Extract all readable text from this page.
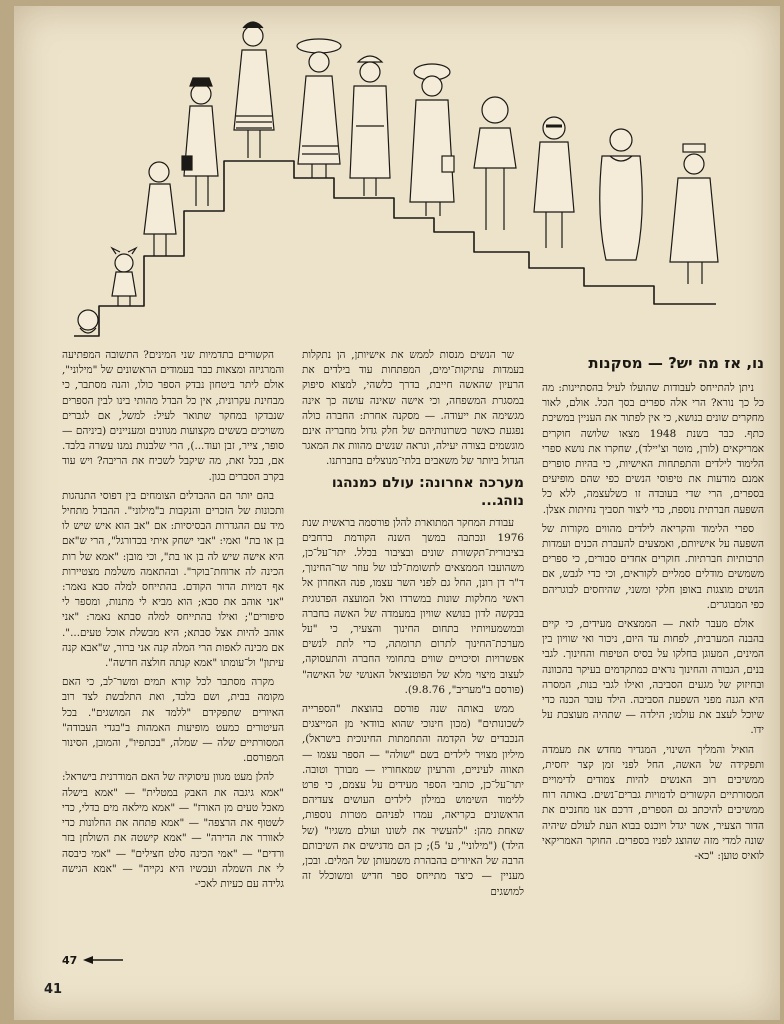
נו, אז מה יש? — מסקנות

ניתן להתייחס לעבודות שהועלו לעיל בהסתייגות: מה כל כך נורא? הרי אלה ספרים בסך הכל. אולם, לאור מחקרים שונים בנושא, כי אין לפתור את העניין במשיכת כתף. כבר בשנת 1948 מצאו שלושה חוקרים אמריקאים (לורן, מוטר וצ'יילד), שחקרו את נושא ספרי הלימוד לילדים והתפתחות האישיות, כי בהיות סופרים אמנם מודעות את טיפוסי הנשים כפי שהם מופיעים בספרים, הרי שדי בעובדה זו כשלעצמה, ללא כל השפעה חברתית נוספת, כדי ליצור תסביך נחיתות אצלן.

ספרי הלימוד והקריאה לילדים מהווים מקורות של השפעה על אישיותם, ואמצעים להעברת הכנים ועמדות תרבותיות חברתיות. חוקרים אחדים סבורים, כי ספרים משמשים מודלים סמליים לקוראים, וכי כדי לגבש, אם הנשים מוצגות באופן חלקי ומשני, שהיחסים לבוגריהם כפי המבוגרים.

אולם מעבר לזאת — הממצאים מעידים, כי קיים בהבנה המערבית, לפחות עד היום, ניכור ואי שוויון בין המינים, המעוגן בחלקו על בסיס הטיפוח והחינוך. לגבי בנים, הגבורה והחינוך נראים כמתקדמים בעיקר בהכוונה ובחיזוק של מגעים הסביבה, ואילו לגבי בנות, המסרה היא הגנה מפני השפעת הסביבה. הילד עובר הכנה כדי שיוכל לעצב את עולמו; הילדה — שתהיה מעוצבת על ידו.

הואיל והמליך השינוי, המגדיר מחדש את מעמדה ותפקידה של האשה, החל לפני זמן קצר יחסית, ממשיכים רוב האנשים להיות צמודים לדימויים המסורתיים הקשורים לדמויות גברים־נשים. באותה רוח ממשיכים להיכתב גם הספרים, דרכם אנו מחנכים את הדור הצעיר, אשר יגדל ויוכנס בבוא העת לעולם שיהיה שונה למדי מזה שהוצג לפניו בספרים. החוקר האמריקאי לואיס טוען: "כא-

שר הנשים מנסות לממש את אישיותן, הן נתקלות בעמדות עתיקות־ימים, המפתחות עוד בילדים את הרעיון שהאשה חייבת, בדרך כלשהי, למצוא סיפוק במסגרת המשפחה, וכי אישה שאינה עושה כך אינה מגשימה את ייעודה. — מסקנה אחרת: החברה כולה נפגעת כאשר כשרונותיהם של חלק גדול מחבריה אינם מוגשמים בצורה יעילה, ונראה שנשים מהוות את המאגר הגדול ביותר של משאבים בלתי־מנוצלים בחברתנו.

מערכה אחרונה: עולם כמנהגו נוהג...

עבודת המחקר המתוארת להלן פורסמה בראשית שנת 1976 ונכתבה במשך השנה הקודמת ברחבים בציבורית־תקשורת שונים ובציבור בכלל. יתר־על־כן, משהועבו הממצאים לתשומת־לבו של עוזר שר־החינוך, ד"ר דן רונן, החל גם לפני השר עצמו, פנה האחרון אל ראשי מחלקות שונות במשרדו ואל המועצה הפדגוגית בבקשה לדון בנושא שוויון במעמדה של האשה בחברה ובמשמעויותיו בתחום החינוך והצעיר, כי "על מערכת־החינוך לתרום תרומתה, כדי לתת לנשים אפשרויות וסיכויים שווים בתחומי החברה והתעסוקה, לעצוב מיצוי מלא של הפוטנציאל האנושי של האישה" (פורסם ב"מעריב", 9.8.76).

ממש באותה שנה פורסם בהוצאת "הספרייה לשכונותים" (מכון חינוכי שהוא בוודאי מן המייצגים הנכבדים של הקדמה והתחמתות החינוכית בישראל), מיליון מצויר לילדים בשם "שולה" — הספר עצמו — תאווה לעיניים, והרעיון שמאחוריו — מבורך וטובה. יתר־על־כן, כותבי הספר מעידים על עצמם, כי פרט ללימוד השימוש במילון לילדים העושים צעדיהם הראשונים בקריאה, עמדו לפניהם מטרות נוספות, שאחת מהן: "להעשיר את לשונו ועולם משגיו" (של הילד) ("מילוני", ע' 5); כן הם מדגישים את השיבותם הרבה של האיורים בהבהרת משמעותן של המלים. ובכן, מעניין — כיצד מתייחס ספר חדיש ומשוכלל זה למושגים

הקשורים בתדמיות שני המינים? התשובה המפתיעה והמרגיזה ומצאות כבר בעמודים הראשונים של "מילוני", אולם ליתר ביטחון נבדק הספר כולו, והנה מסתבר, כי מבחינת עקרונית, אין כל הבדל מהותי בינו לבין הספרים שנבדקו במחקר שתואר לעיל: למשל, אם לגברים משויכים בששים מקצועות מגוונים ומעניינים (ביניהם — סופר, צייר, זבן ועוד...), הרי שלבנות נמנו עשרה בלבד. אם, בכל זאת, מה שיקבל לשכיח את הריבה? ויש עוד בקרב הסברים בגון.

בהם יותר הם ההבדלים הצומחים בין דפוסי התנהגות ותכונות של הזכרים והנקבות ב"מילוני". ההבדל מתחיל מיד עם ההגדרות הבסיסיות: אם "אב הוא איש שיש לו בן או בת" ואמי: "אבי ישחק איתי בכדורגל", הרי ש"אם היא אישה שיש לה בן או בת", וכי מובן: "אמא של רות הכינה לה ארוחת־בוקר". ובהתאמה משלמת מצטיירות אף דמויות הדור הקודם. בהתייחס למלה סבא נאמר: "אני אוהב את סבא; הוא מביא לי מתנות, ומספר לי סיפורים"; ואילו בהתייחס למלה סבתא נאמר: "אני אוהב להיות אצל סבתא; היא מבשלת אוכל טעים...". אם מכינה לאפות הרי המלה קנה אני ברור, ש"אבא קנה עיתון" ול־עומתו "אמא קנתה חולצה חדשה".

מקרה מסתבר לכל קורא תמים ומשר־לב, כי האם מקומה בבית, ושם בלבד, ואת התלבשת לצד רוב האיורים שתפקידם "ללמד את המושגים". בכל העיטורים כמעט מופיעות האמהות ב"בגדי העבודה" המסורתיים שלה — שמלה, "בכתפיו", והמובן, הסינור המפורסם.

להלן מעט מגוון עיסוקיה של האם המודרנית בישראל: "אמא גיגבה את האבק במטלית" — "אמא בישלה מאכל טעים מן האורז" — "אמא מילאה מים בדלי, כדי לשטוף את הרצפה" — "אמא פתחה את החלונות כדי לאוורר את הדירה" — "אמא קישטה את השולחן בזר ורדים" — "אמי הכינה סלט חצילים" — "אמי כיבסה לי את השמלה ועכשיו היא נקייה" — "אמא הגישה גלידה עם כעיות לאכי-

47
41
